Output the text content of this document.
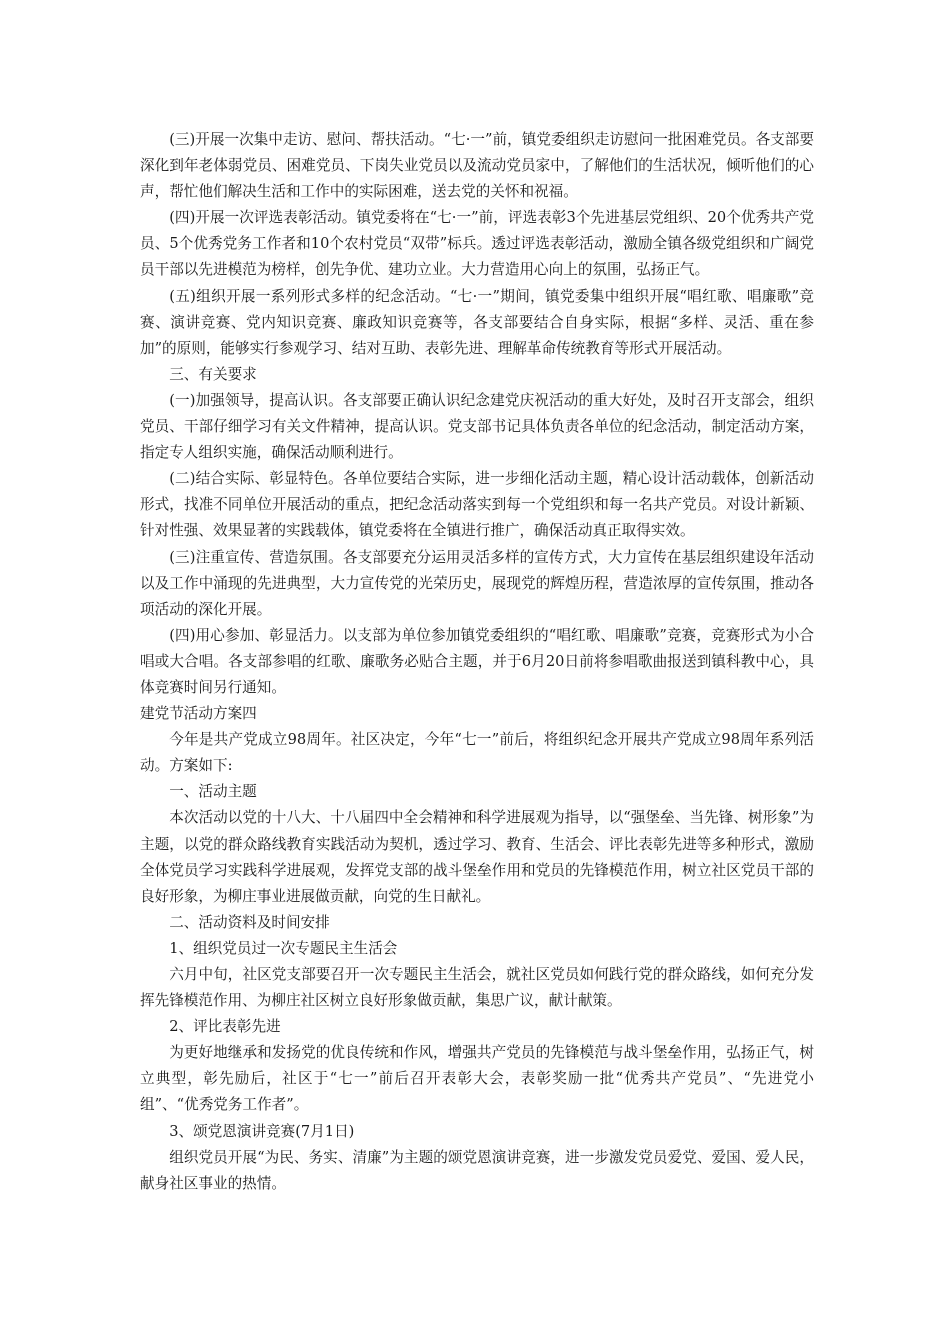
(三)开展一次集中走访、慰问、帮扶活动。“七·一”前，镇党委组织走访慰问一批困难党员。各支部要深化到年老体弱党员、困难党员、下岗失业党员以及流动党员家中，了解他们的生活状况，倾听他们的心声，帮忙他们解决生活和工作中的实际困难，送去党的关怀和祝福。

(四)开展一次评选表彰活动。镇党委将在“七·一”前，评选表彰3个先进基层党组织、20个优秀共产党员、5个优秀党务工作者和10个农村党员“双带”标兵。透过评选表彰活动，激励全镇各级党组织和广阔党员干部以先进模范为榜样，创先争优、建功立业。大力营造用心向上的氛围，弘扬正气。

(五)组织开展一系列形式多样的纪念活动。“七·一”期间，镇党委集中组织开展“唱红歌、唱廉歌”竞赛、演讲竞赛、党内知识竞赛、廉政知识竞赛等，各支部要结合自身实际，根据“多样、灵活、重在参加”的原则，能够实行参观学习、结对互助、表彰先进、理解革命传统教育等形式开展活动。

三、有关要求

(一)加强领导，提高认识。各支部要正确认识纪念建党庆祝活动的重大好处，及时召开支部会，组织党员、干部仔细学习有关文件精神，提高认识。党支部书记具体负责各单位的纪念活动，制定活动方案，指定专人组织实施，确保活动顺利进行。

(二)结合实际、彰显特色。各单位要结合实际，进一步细化活动主题，精心设计活动载体，创新活动形式，找准不同单位开展活动的重点，把纪念活动落实到每一个党组织和每一名共产党员。对设计新颖、针对性强、效果显著的实践载体，镇党委将在全镇进行推广，确保活动真正取得实效。

(三)注重宣传、营造氛围。各支部要充分运用灵活多样的宣传方式，大力宣传在基层组织建设年活动以及工作中涌现的先进典型，大力宣传党的光荣历史，展现党的辉煌历程，营造浓厚的宣传氛围，推动各项活动的深化开展。

(四)用心参加、彰显活力。以支部为单位参加镇党委组织的“唱红歌、唱廉歌”竞赛，竞赛形式为小合唱或大合唱。各支部参唱的红歌、廉歌务必贴合主题，并于6月20日前将参唱歌曲报送到镇科教中心，具体竞赛时间另行通知。

建党节活动方案四

今年是共产党成立98周年。社区决定，今年“七一”前后，将组织纪念开展共产党成立98周年系列活动。方案如下:

一、活动主题

本次活动以党的十八大、十八届四中全会精神和科学进展观为指导，以“强堡垒、当先锋、树形象”为主题，以党的群众路线教育实践活动为契机，透过学习、教育、生活会、评比表彰先进等多种形式，激励全体党员学习实践科学进展观，发挥党支部的战斗堡垒作用和党员的先锋模范作用，树立社区党员干部的良好形象，为柳庄事业进展做贡献，向党的生日献礼。

二、活动资料及时间安排

1、组织党员过一次专题民主生活会

六月中旬，社区党支部要召开一次专题民主生活会，就社区党员如何践行党的群众路线，如何充分发挥先锋模范作用、为柳庄社区树立良好形象做贡献，集思广议，献计献策。

2、评比表彰先进

为更好地继承和发扬党的优良传统和作风，增强共产党员的先锋模范与战斗堡垒作用，弘扬正气，树立典型，彰先励后，社区于“七一”前后召开表彰大会，表彰奖励一批“优秀共产党员”、“先进党小组”、“优秀党务工作者”。

3、颂党恩演讲竞赛(7月1日)

组织党员开展“为民、务实、清廉”为主题的颂党恩演讲竞赛，进一步激发党员爱党、爱国、爱人民，献身社区事业的热情。
